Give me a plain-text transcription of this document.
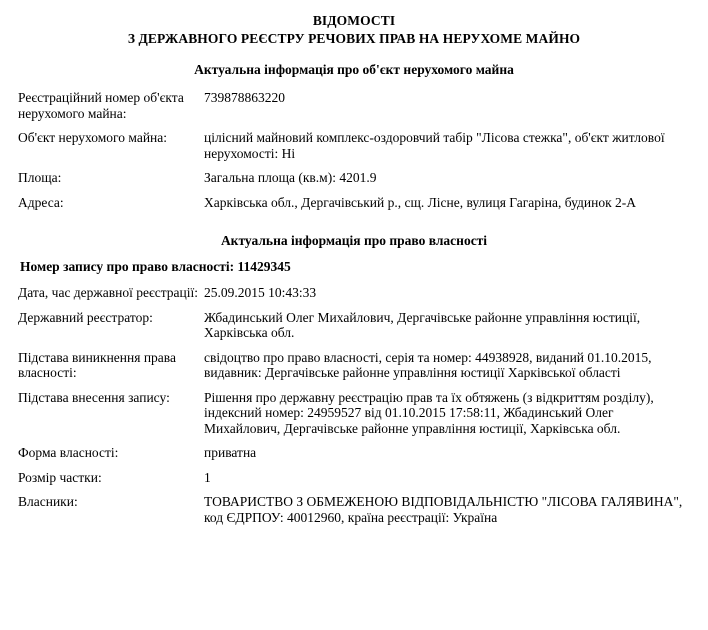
ВІДОМОСТІ
З ДЕРЖАВНОГО РЕЄСТРУ РЕЧОВИХ ПРАВ НА НЕРУХОМЕ МАЙНО
Актуальна інформація про об'єкт нерухомого майна
Реєстраційний номер об'єкта нерухомого майна:	739878863220
Об'єкт нерухомого майна:	цілісний майновий комплекс-оздоровчий табір "Лісова стежка", об'єкт житлової нерухомості: Ні
Площа:	Загальна площа (кв.м): 4201.9
Адреса:	Харківська обл., Дергачівський р., сщ. Лісне, вулиця Гагаріна, будинок 2-А
Актуальна інформація про право власності
Номер запису про право власності: 11429345
Дата, час державної реєстрації:	25.09.2015 10:43:33
Державний реєстратор:	Жбадинський Олег Михайлович, Дергачівське районне управління юстиції, Харківська обл.
Підстава виникнення права власності:	свідоцтво про право власності, серія та номер: 44938928, виданий 01.10.2015, видавник: Дергачівське районне управління юстиції Харківської області
Підстава внесення запису:	Рішення про державну реєстрацію прав та їх обтяжень (з відкриттям розділу), індексний номер: 24959527 від 01.10.2015 17:58:11, Жбадинський Олег Михайлович, Дергачівське районне управління юстиції, Харківська обл.
Форма власності:	приватна
Розмір частки:	1
Власники:	ТОВАРИСТВО З ОБМЕЖЕНОЮ ВІДПОВІДАЛЬНІСТЮ "ЛІСОВА ГАЛЯВИНА", код ЄДРПОУ: 40012960, країна реєстрації: Україна
